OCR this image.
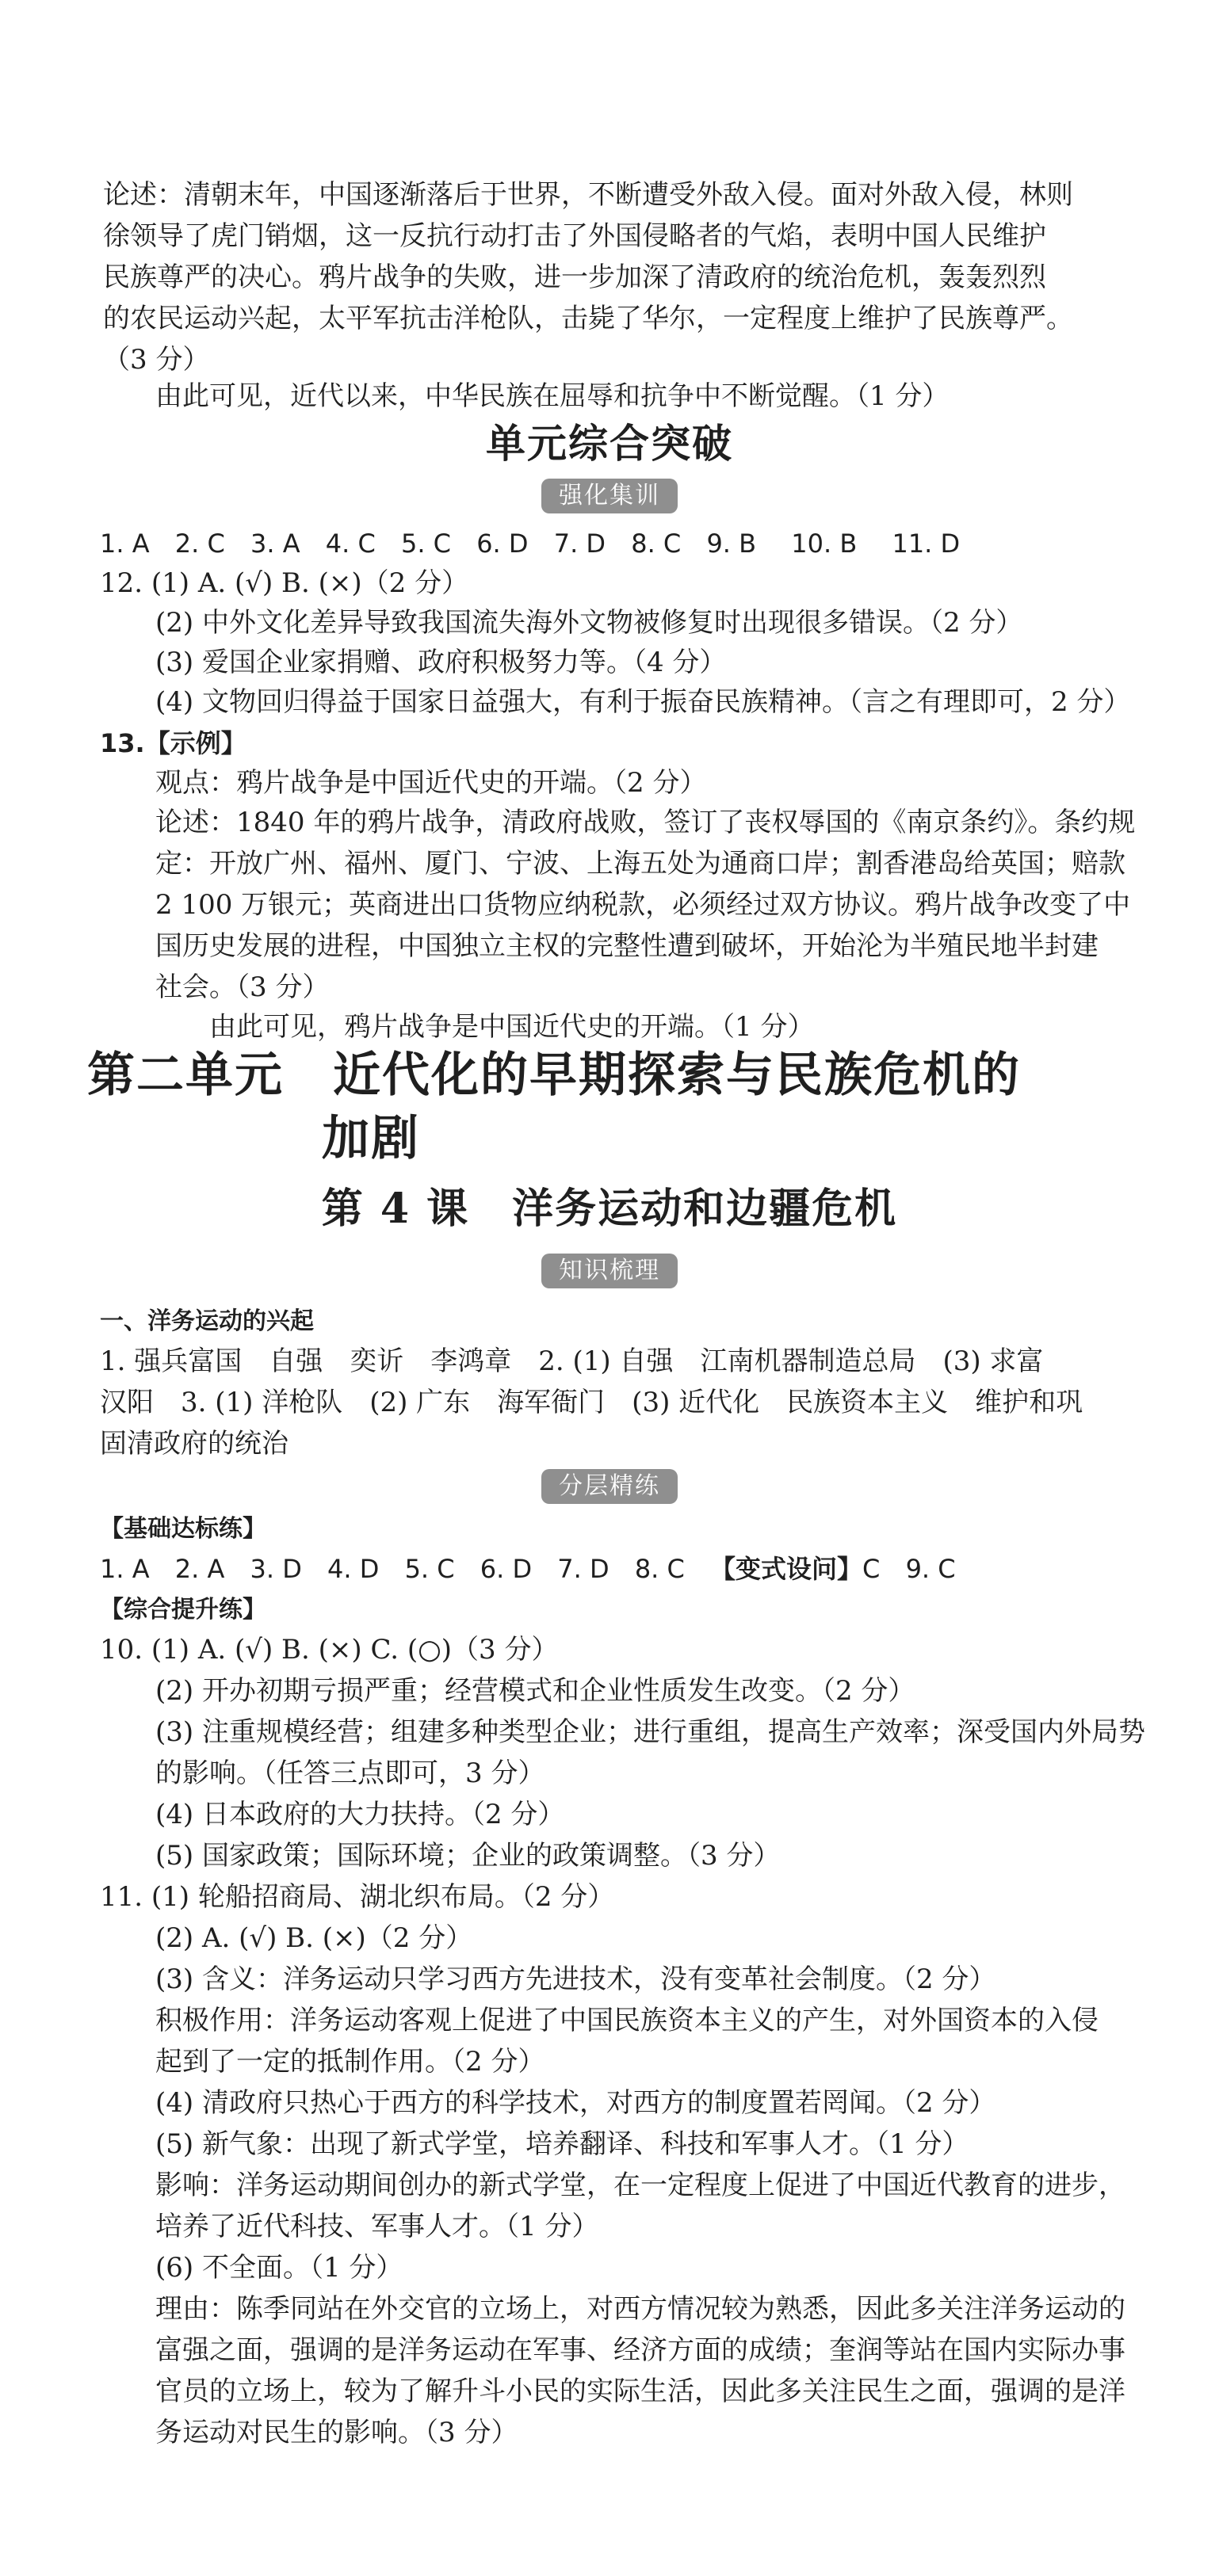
论述：清朝末年，中国逐渐落后于世界，不断遭受外敌入侵。面对外敌入侵，林则
徐领导了虎门销烟，这一反抗行动打击了外国侵略者的气焰，表明中国人民维护
民族尊严的决心。鸦片战争的失败，进一步加深了清政府的统治危机，轰轰烈烈
的农民运动兴起，太平军抗击洋枪队，击毙了华尔，一定程度上维护了民族尊严。
（3 分）
由此可见，近代以来，中华民族在屈辱和抗争中不断觉醒。（1 分）
单元综合突破
强化集训
1. A 2. C 3. A 4. C 5. C 6. D 7. D 8. C 9. B 10. B 11. D
12. (1) A. (√) B. (×)（2 分）
(2) 中外文化差异导致我国流失海外文物被修复时出现很多错误。（2 分）
(3) 爱国企业家捐赠、政府积极努力等。（4 分）
(4) 文物回归得益于国家日益强大，有利于振奋民族精神。（言之有理即可，2 分）
13.【示例】
观点：鸦片战争是中国近代史的开端。（2 分）
论述：1840 年的鸦片战争，清政府战败，签订了丧权辱国的《南京条约》。条约规
定：开放广州、福州、厦门、宁波、上海五处为通商口岸；割香港岛给英国；赔款
2 100 万银元；英商进出口货物应纳税款，必须经过双方协议。鸦片战争改变了中
国历史发展的进程，中国独立主权的完整性遭到破坏，开始沦为半殖民地半封建
社会。（3 分）
由此可见，鸦片战争是中国近代史的开端。（1 分）
第二单元　近代化的早期探索与民族危机的
加剧
第 4 课　洋务运动和边疆危机
知识梳理
一、洋务运动的兴起
1. 强兵富国　自强　奕䜣　李鸿章　2. (1) 自强　江南机器制造总局　(3) 求富
汉阳　3. (1) 洋枪队　(2) 广东　海军衙门　(3) 近代化　民族资本主义　维护和巩
固清政府的统治
分层精练
【基础达标练】
1. A 2. A 3. D 4. D 5. C 6. D 7. D 8. C 【变式设问】C 9. C
【综合提升练】
10. (1) A. (√) B. (×) C. (○)（3 分）
(2) 开办初期亏损严重；经营模式和企业性质发生改变。（2 分）
(3) 注重规模经营；组建多种类型企业；进行重组，提高生产效率；深受国内外局势
的影响。（任答三点即可，3 分）
(4) 日本政府的大力扶持。（2 分）
(5) 国家政策；国际环境；企业的政策调整。（3 分）
11. (1) 轮船招商局、湖北织布局。（2 分）
(2) A. (√) B. (×)（2 分）
(3) 含义：洋务运动只学习西方先进技术，没有变革社会制度。（2 分）
积极作用：洋务运动客观上促进了中国民族资本主义的产生，对外国资本的入侵
起到了一定的抵制作用。（2 分）
(4) 清政府只热心于西方的科学技术，对西方的制度置若罔闻。（2 分）
(5) 新气象：出现了新式学堂，培养翻译、科技和军事人才。（1 分）
影响：洋务运动期间创办的新式学堂，在一定程度上促进了中国近代教育的进步，
培养了近代科技、军事人才。（1 分）
(6) 不全面。（1 分）
理由：陈季同站在外交官的立场上，对西方情况较为熟悉，因此多关注洋务运动的
富强之面，强调的是洋务运动在军事、经济方面的成绩；奎润等站在国内实际办事
官员的立场上，较为了解升斗小民的实际生活，因此多关注民生之面，强调的是洋
务运动对民生的影响。（3 分）
